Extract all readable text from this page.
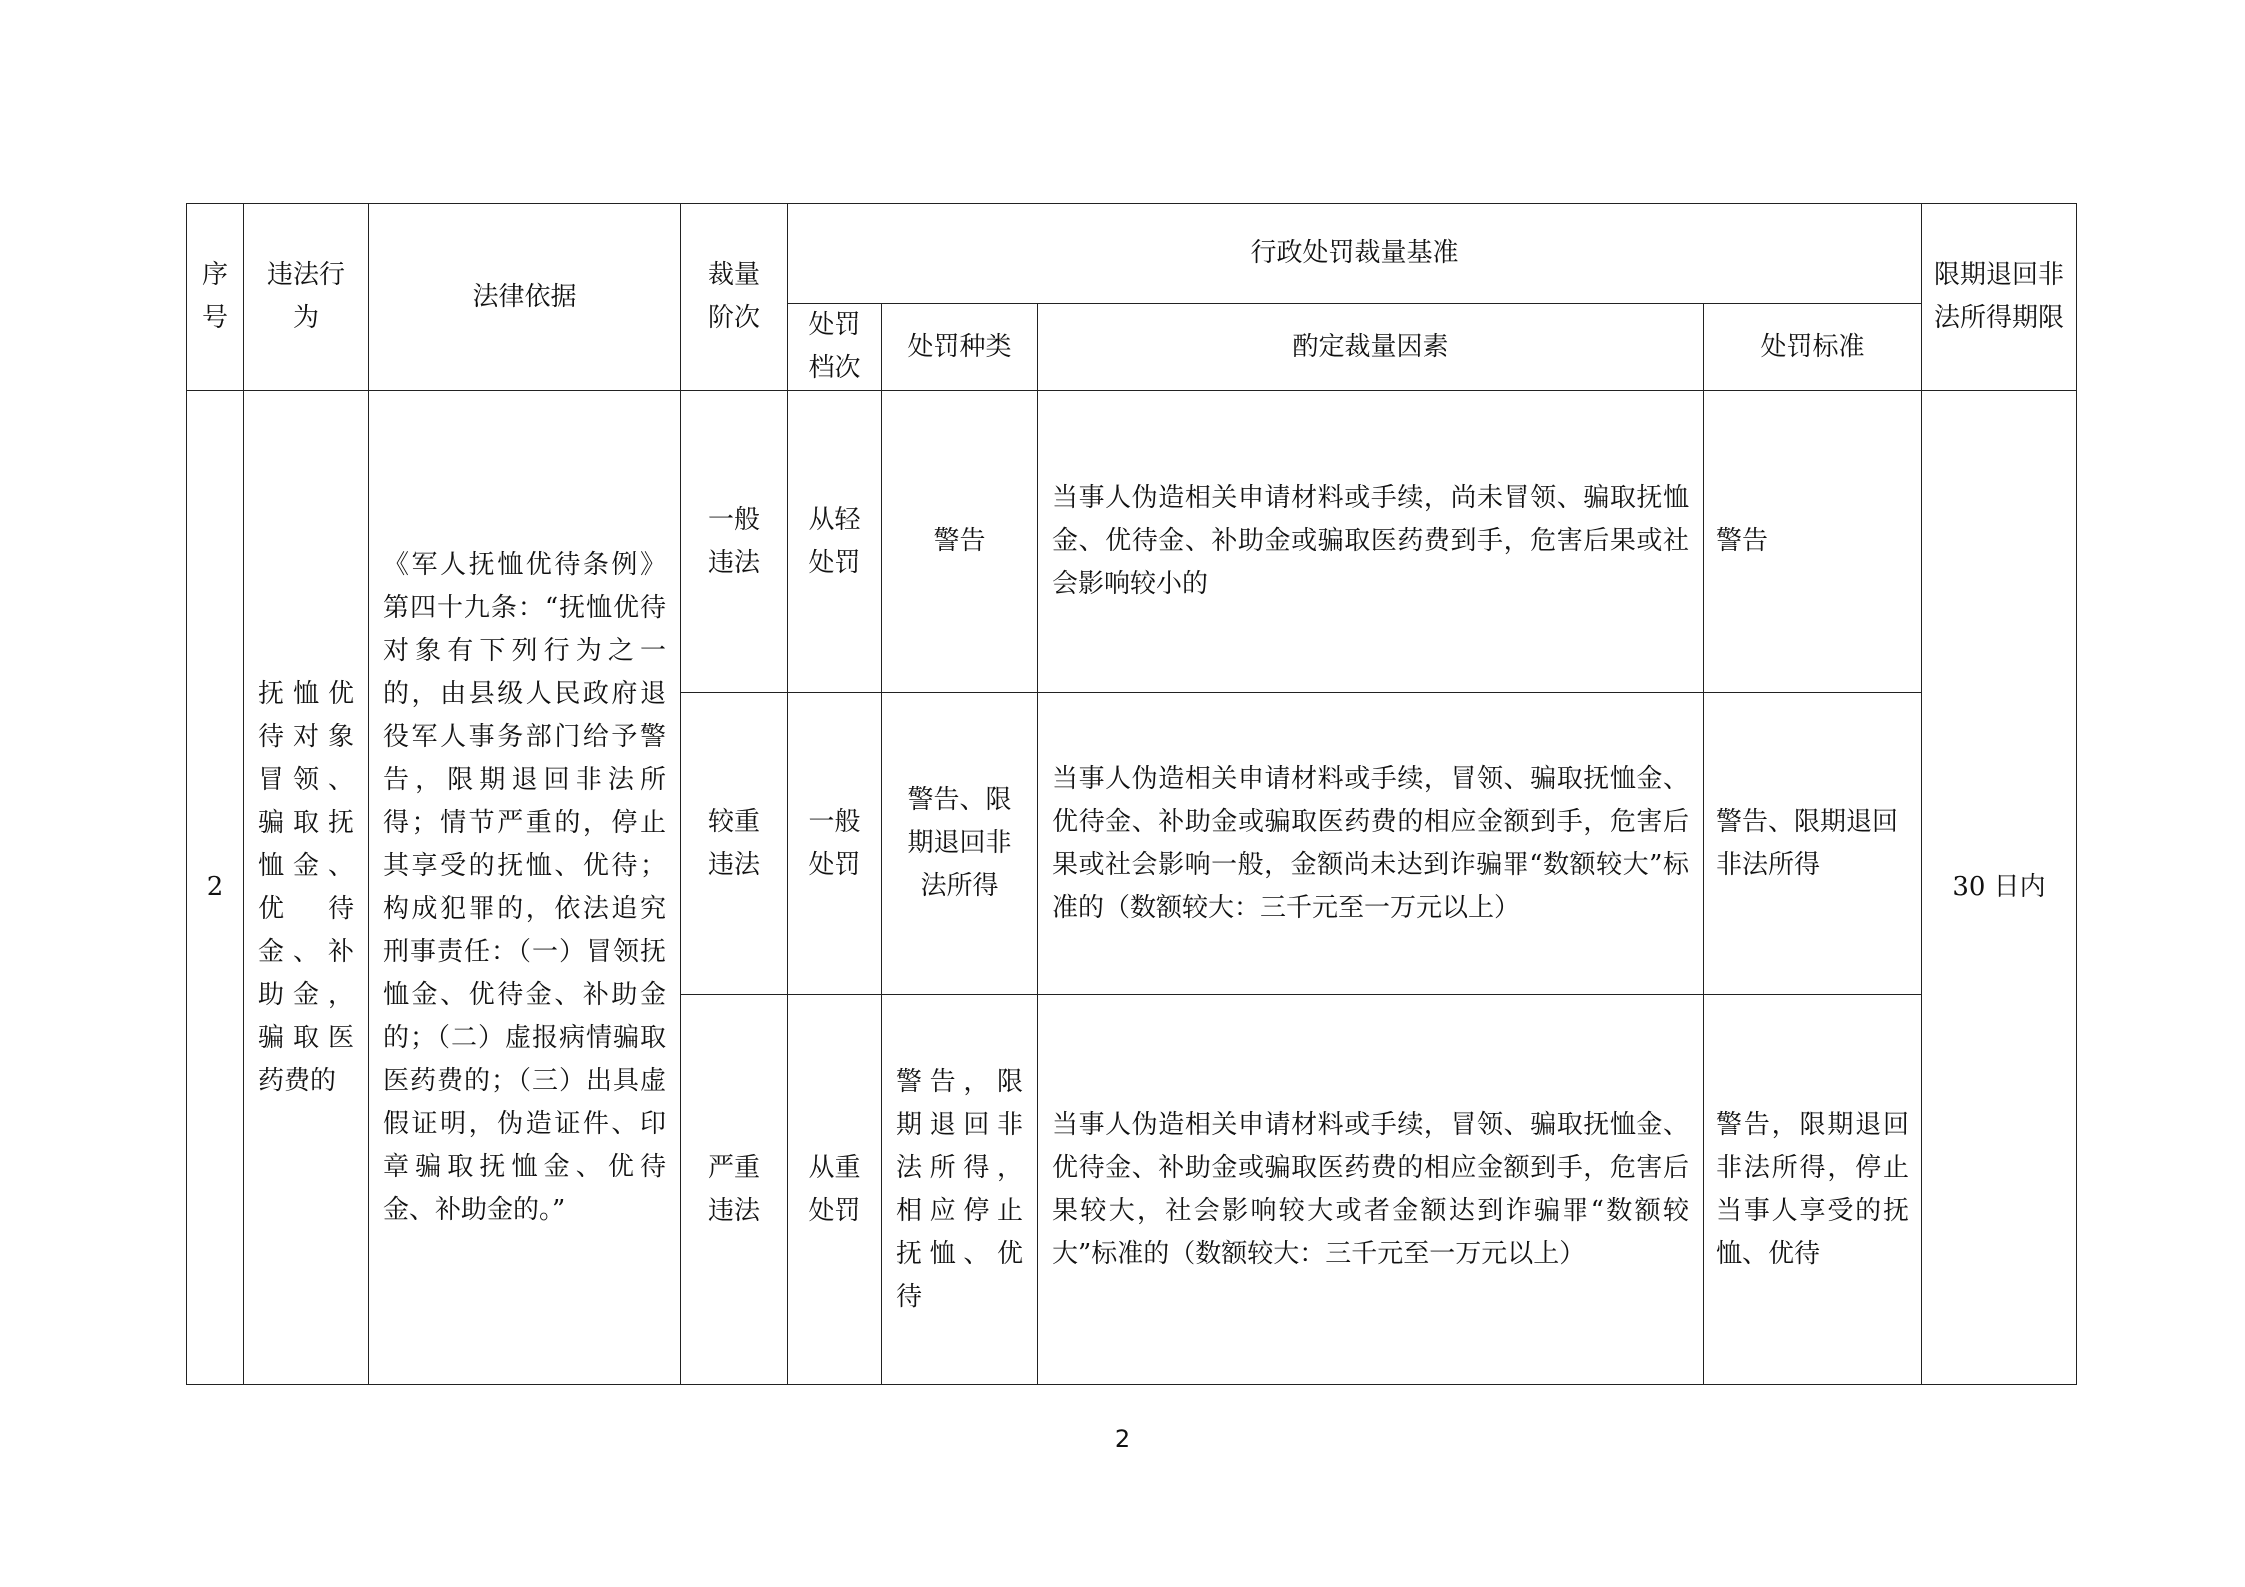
序号	违法行为	法律依据	裁量阶次	行政处罚裁量基准				限期退回非法所得期限
				处罚档次	处罚种类	酌定裁量因素	处罚标准	
2	抚恤优待对象冒领、骗取抚恤金、优待金、补助金，骗取医药费的	《军人抚恤优待条例》第四十九条：“抚恤优待对象有下列行为之一的，由县级人民政府退役军人事务部门给予警告，限期退回非法所得；情节严重的，停止其享受的抚恤、优待；构成犯罪的，依法追究刑事责任：（一）冒领抚恤金、优待金、补助金的；（二）虚报病情骗取医药费的；（三）出具虚假证明，伪造证件、印章骗取抚恤金、优待金、补助金的。”	一般违法	从轻处罚	警告	当事人伪造相关申请材料或手续，尚未冒领、骗取抚恤金、优待金、补助金或骗取医药费到手，危害后果或社会影响较小的	警告	30 日内
			较重违法	一般处罚	警告、限期退回非法所得	当事人伪造相关申请材料或手续，冒领、骗取抚恤金、优待金、补助金或骗取医药费的相应金额到手，危害后果或社会影响一般，金额尚未达到诈骗罪“数额较大”标准的（数额较大：三千元至一万元以上）	警告、限期退回非法所得	
			严重违法	从重处罚	警告，限期退回非法所得，相应停止抚恤、优待	当事人伪造相关申请材料或手续，冒领、骗取抚恤金、优待金、补助金或骗取医药费的相应金额到手，危害后果较大，社会影响较大或者金额达到诈骗罪“数额较大”标准的（数额较大：三千元至一万元以上）	警告，限期退回非法所得，停止当事人享受的抚恤、优待	
2
